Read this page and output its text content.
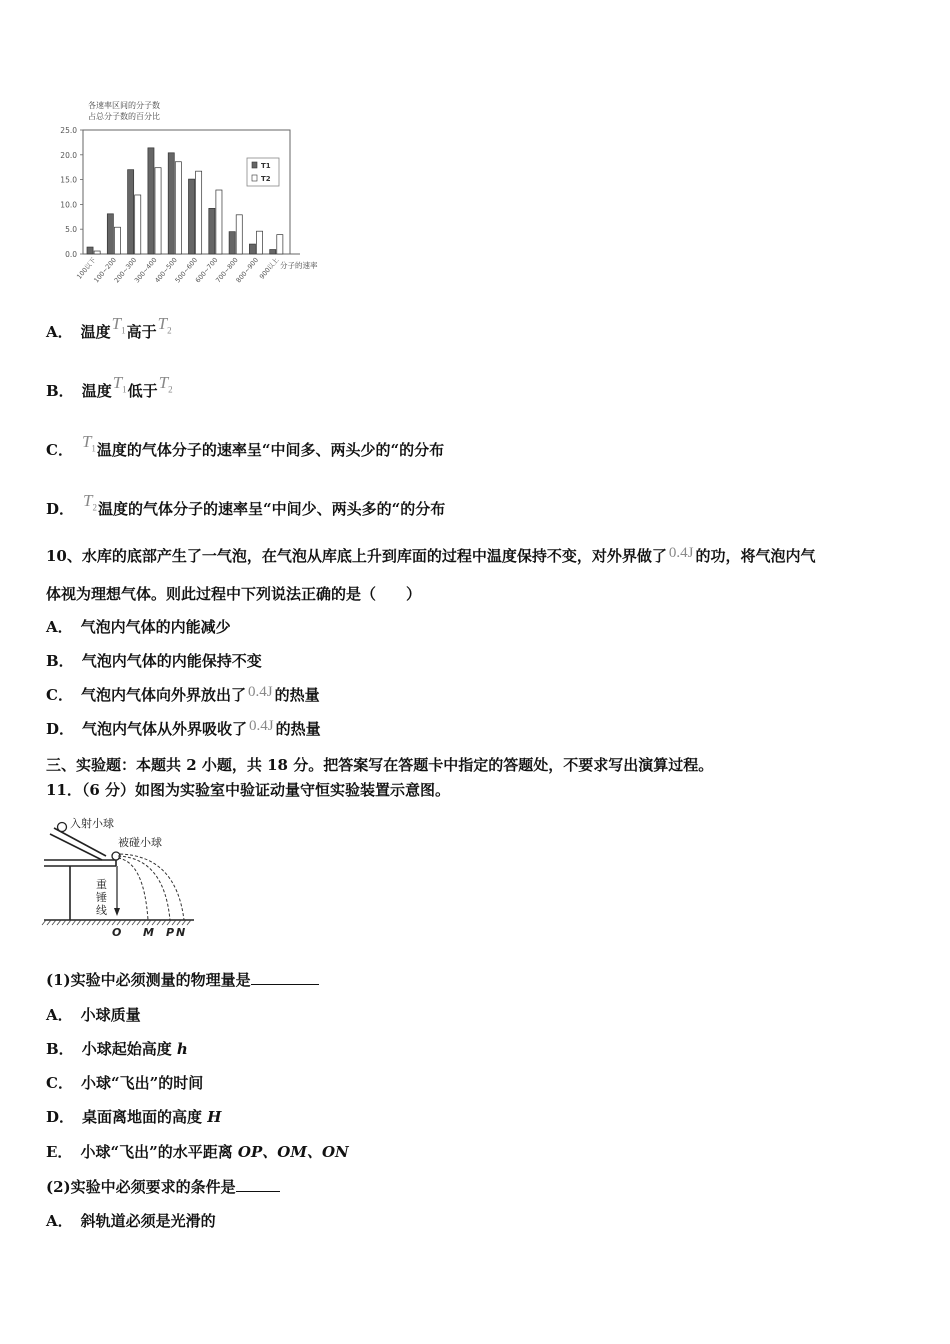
各速率区间的分子数
占总分子数的百分比
0.0
5.0
10.0
15.0
20.0
25.0
100以下
100~200
200~300
300~400
400~500
500~600
600~700
700~800
800~900
900以上 分子的速率
T1
T2
A． 温度$T_1$高于$T_2$
B． 温度$T_1$低于$T_2$
C． $T_1$温度的气体分子的速率呈“中间多、两头少的“的分布
D． $T_2$温度的气体分子的速率呈“中间少、两头多的“的分布
10、水库的底部产生了一气泡，在气泡从库底上升到库面的过程中温度保持不变，对外界做了 0.4J 的功，将气泡内气
体视为理想气体。则此过程中下列说法正确的是（　　）
A． 气泡内气体的内能减少
B． 气泡内气体的内能保持不变
C． 气泡内气体向外界放出了 0.4J 的热量
D． 气泡内气体从外界吸收了 0.4J 的热量
三、实验题：本题共 2 小题，共 18 分。把答案写在答题卡中指定的答题处，不要求写出演算过程。
11．（6 分）如图为实验室中验证动量守恒实验装置示意图。
入射小球
被碰小球
重
锤
线
O M P N
(1)实验中必须测量的物理量是
A． 小球质量
B． 小球起始高度 h
C． 小球“飞出”的时间
D． 桌面离地面的高度 H
E． 小球“飞出”的水平距离 OP、OM、ON
(2)实验中必须要求的条件是
A． 斜轨道必须是光滑的
